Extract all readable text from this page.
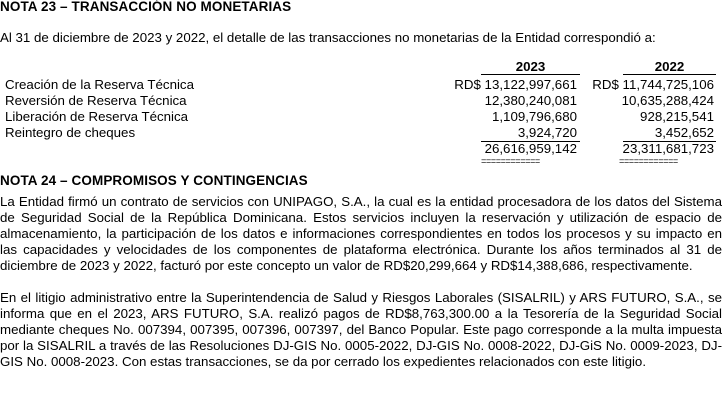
NOTA 23 – TRANSACCIÓN NO MONETARIAS
Al 31 de diciembre de 2023 y 2022, el detalle de las transacciones no monetarias de la Entidad correspondió a:
2023	2022
Creación de la Reserva Técnica	RD$ 13,122,997,661 RD$ 11,744,725,106
Reversión de Reserva Técnica	12,380,240,081	10,635,288,424
Liberación de Reserva Técnica	1,109,796,680	928,215,541
Reintegro de cheques	3,924,720	3,452,652
26,616,959,142	23,311,681,723
============	============
NOTA 24 – COMPROMISOS Y CONTINGENCIAS

La Entidad firmó un contrato de servicios con UNIPAGO, S.A., la cual es la entidad procesadora de los datos del Sistema de Seguridad Social de la República Dominicana. Estos servicios incluyen la reservación y utilización de espacio de almacenamiento, la participación de los datos e informaciones correspondientes en todos los procesos y su impacto en las capacidades y velocidades de los componentes de plataforma electrónica. Durante los años terminados al 31 de diciembre de 2023 y 2022, facturó por este concepto un valor de RD$20,299,664 y RD$14,388,686, respectivamente.

En el litigio administrativo entre la Superintendencia de Salud y Riesgos Laborales (SISALRIL) y ARS FUTURO, S.A., se informa que en el 2023, ARS FUTURO, S.A. realizó pagos de RD$8,763,300.00 a la Tesorería de la Seguridad Social mediante cheques No. 007394, 007395, 007396, 007397, del Banco Popular. Este pago corresponde a la multa impuesta por la SISALRIL a través de las Resoluciones DJ-GIS No. 0005-2022, DJ-GIS No. 0008-2022, DJ-GiS No. 0009-2023, DJ-GIS No. 0008-2023. Con estas transacciones, se da por cerrado los expedientes relacionados con este litigio.
